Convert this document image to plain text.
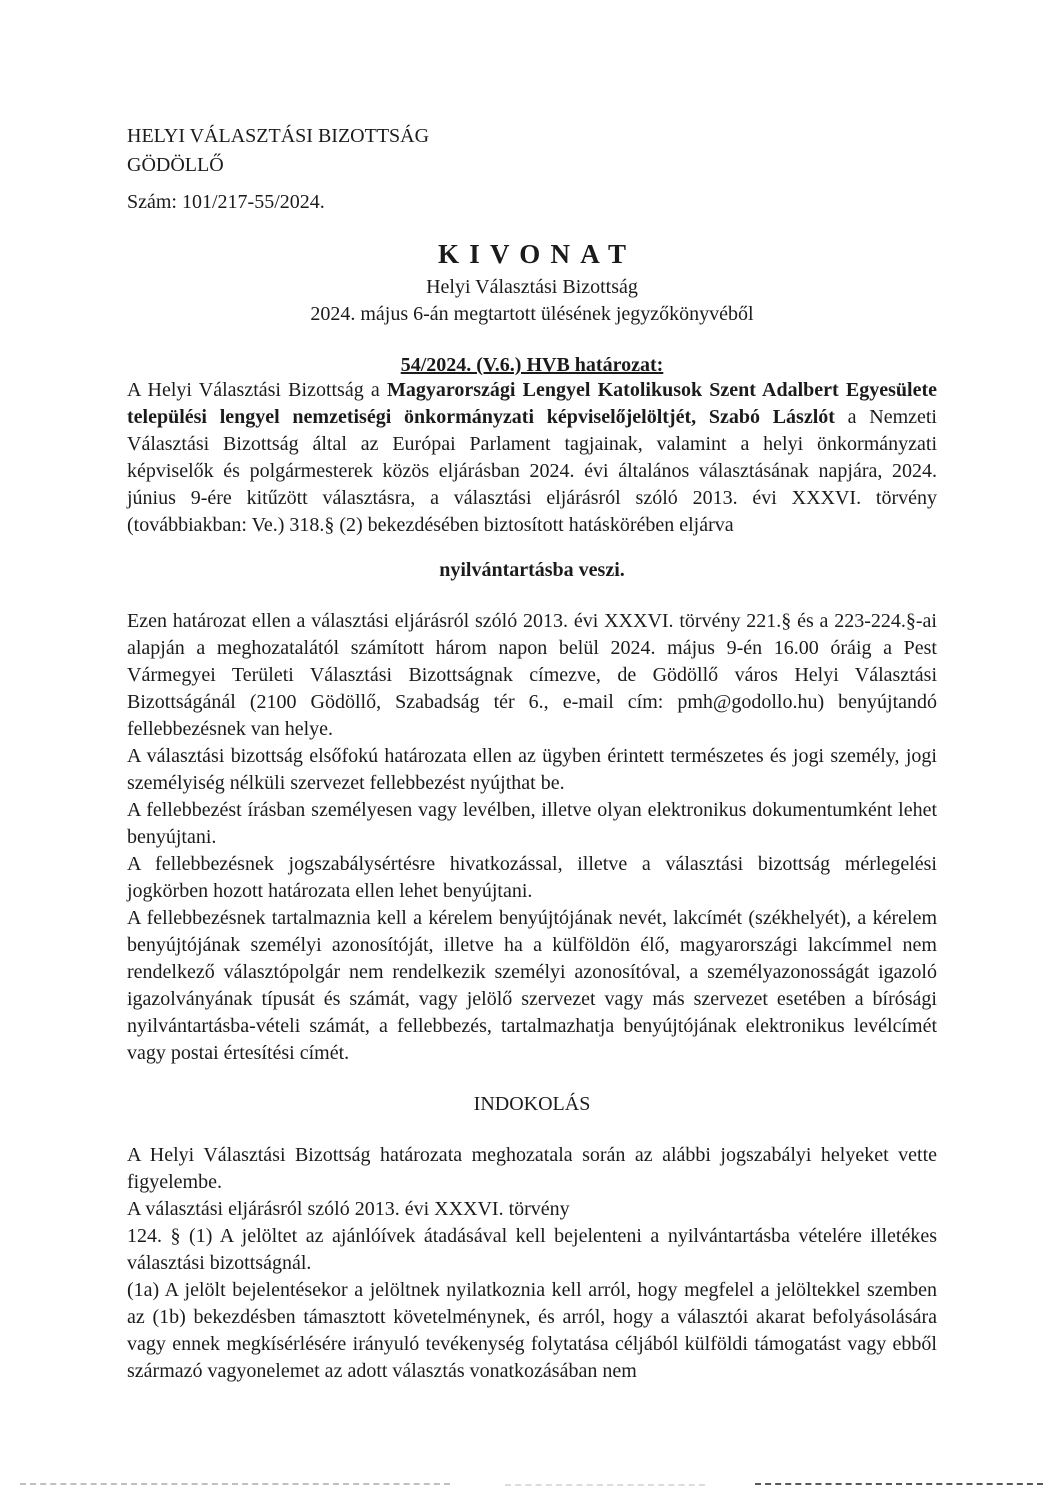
HELYI VÁLASZTÁSI BIZOTTSÁG
GÖDÖLLŐ
Szám: 101/217-55/2024.
KIVONAT
Helyi Választási Bizottság
2024. május 6-án megtartott ülésének jegyzőkönyvéből
54/2024. (V.6.) HVB határozat:

A Helyi Választási Bizottság a Magyarországi Lengyel Katolikusok Szent Adalbert Egyesülete települési lengyel nemzetiségi önkormányzati képviselőjelöltjét, Szabó Lászlót a Nemzeti Választási Bizottság által az Európai Parlament tagjainak, valamint a helyi önkormányzati képviselők és polgármesterek közös eljárásban 2024. évi általános választásának napjára, 2024. június 9-ére kitűzött választásra, a választási eljárásról szóló 2013. évi XXXVI. törvény (továbbiakban: Ve.) 318.§ (2) bekezdésében biztosított hatáskörében eljárva

nyilvántartásba veszi.

Ezen határozat ellen a választási eljárásról szóló 2013. évi XXXVI. törvény 221.§ és a 223-224.§-ai alapján a meghozatalától számított három napon belül 2024. május 9-én 16.00 óráig a Pest Vármegyei Területi Választási Bizottságnak címezve, de Gödöllő város Helyi Választási Bizottságánál (2100 Gödöllő, Szabadság tér 6., e-mail cím: pmh@godollo.hu) benyújtandó fellebbezésnek van helye.

A választási bizottság elsőfokú határozata ellen az ügyben érintett természetes és jogi személy, jogi személyiség nélküli szervezet fellebbezést nyújthat be.

A fellebbezést írásban személyesen vagy levélben, illetve olyan elektronikus dokumentumként lehet benyújtani.

A fellebbezésnek jogszabálysértésre hivatkozással, illetve a választási bizottság mérlegelési jogkörben hozott határozata ellen lehet benyújtani.

A fellebbezésnek tartalmaznia kell a kérelem benyújtójának nevét, lakcímét (székhelyét), a kérelem benyújtójának személyi azonosítóját, illetve ha a külföldön élő, magyarországi lakcímmel nem rendelkező választópolgár nem rendelkezik személyi azonosítóval, a személyazonosságát igazoló igazolványának típusát és számát, vagy jelölő szervezet vagy más szervezet esetében a bírósági nyilvántartásba-vételi számát, a fellebbezés, tartalmazhatja benyújtójának elektronikus levélcímét vagy postai értesítési címét.

INDOKOLÁS

A Helyi Választási Bizottság határozata meghozatala során az alábbi jogszabályi helyeket vette figyelembe.

A választási eljárásról szóló 2013. évi XXXVI. törvény

124. § (1) A jelöltet az ajánlóívek átadásával kell bejelenteni a nyilvántartásba vételére illetékes választási bizottságnál.

(1a) A jelölt bejelentésekor a jelöltnek nyilatkoznia kell arról, hogy megfelel a jelöltekkel szemben az (1b) bekezdésben támasztott követelménynek, és arról, hogy a választói akarat befolyásolására vagy ennek megkísérlésére irányuló tevékenység folytatása céljából külföldi támogatást vagy ebből származó vagyonelemet az adott választás vonatkozásában nem
